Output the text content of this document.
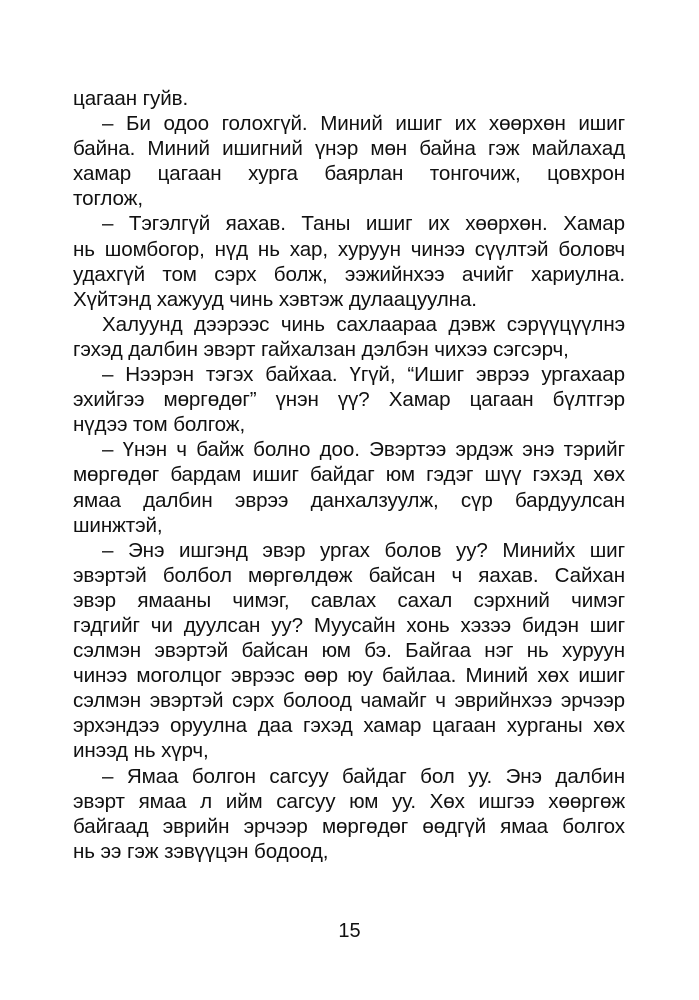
цагаан гуйв.
– Би одоо голохгүй. Миний ишиг их хөөрхөн ишиг
байна. Миний ишигний үнэр мөн байна гэж майлахад
хамар цагаан хурга баярлан тонгочиж, цовхрон
тоглож,
– Тэгэлгүй яахав. Таны ишиг их хөөрхөн. Хамар
нь шомбогор, нүд нь хар, хуруун чинээ сүүлтэй боловч
удахгүй том сэрх болж, ээжийнхээ ачийг хариулна.
Хүйтэнд хажууд чинь хэвтэж дулаацуулна.
Халуунд дээрээс чинь сахлаараа дэвж сэрүүцүүлнэ
гэхэд далбин эвэрт гайхалзан дэлбэн чихээ сэгсэрч,
– Нээрэн тэгэх байхаа. Үгүй, “Ишиг эврээ ургахаар
эхийгээ мөргөдөг” үнэн үү? Хамар цагаан бүлтгэр
нүдээ том болгож,
– Үнэн ч байж болно доо. Эвэртээ эрдэж энэ тэрийг
мөргөдөг бардам ишиг байдаг юм гэдэг шүү гэхэд хөх
ямаа далбин эврээ данхалзуулж, сүр бардуулсан
шинжтэй,
– Энэ ишгэнд эвэр ургах болов уу? Минийх шиг
эвэртэй болбол мөргөлдөж байсан ч яахав. Сайхан
эвэр ямааны чимэг, савлах сахал сэрхний чимэг
гэдгийг чи дуулсан уу? Муусайн хонь хэзээ бидэн шиг
сэлмэн эвэртэй байсан юм бэ. Байгаа нэг нь хуруун
чинээ моголцог эврээс өөр юу байлаа. Миний хөх ишиг
сэлмэн эвэртэй сэрх болоод чамайг ч эврийнхээ эрчээр
эрхэндээ оруулна даа гэхэд хамар цагаан хурганы хөх
инээд нь хүрч,
– Ямаа болгон сагсуу байдаг бол уу. Энэ далбин
эвэрт ямаа л ийм сагсуу юм уу. Хөх ишгээ хөөргөж
байгаад эврийн эрчээр мөргөдөг өөдгүй ямаа болгох
нь ээ гэж зэвүүцэн бодоод,
15
